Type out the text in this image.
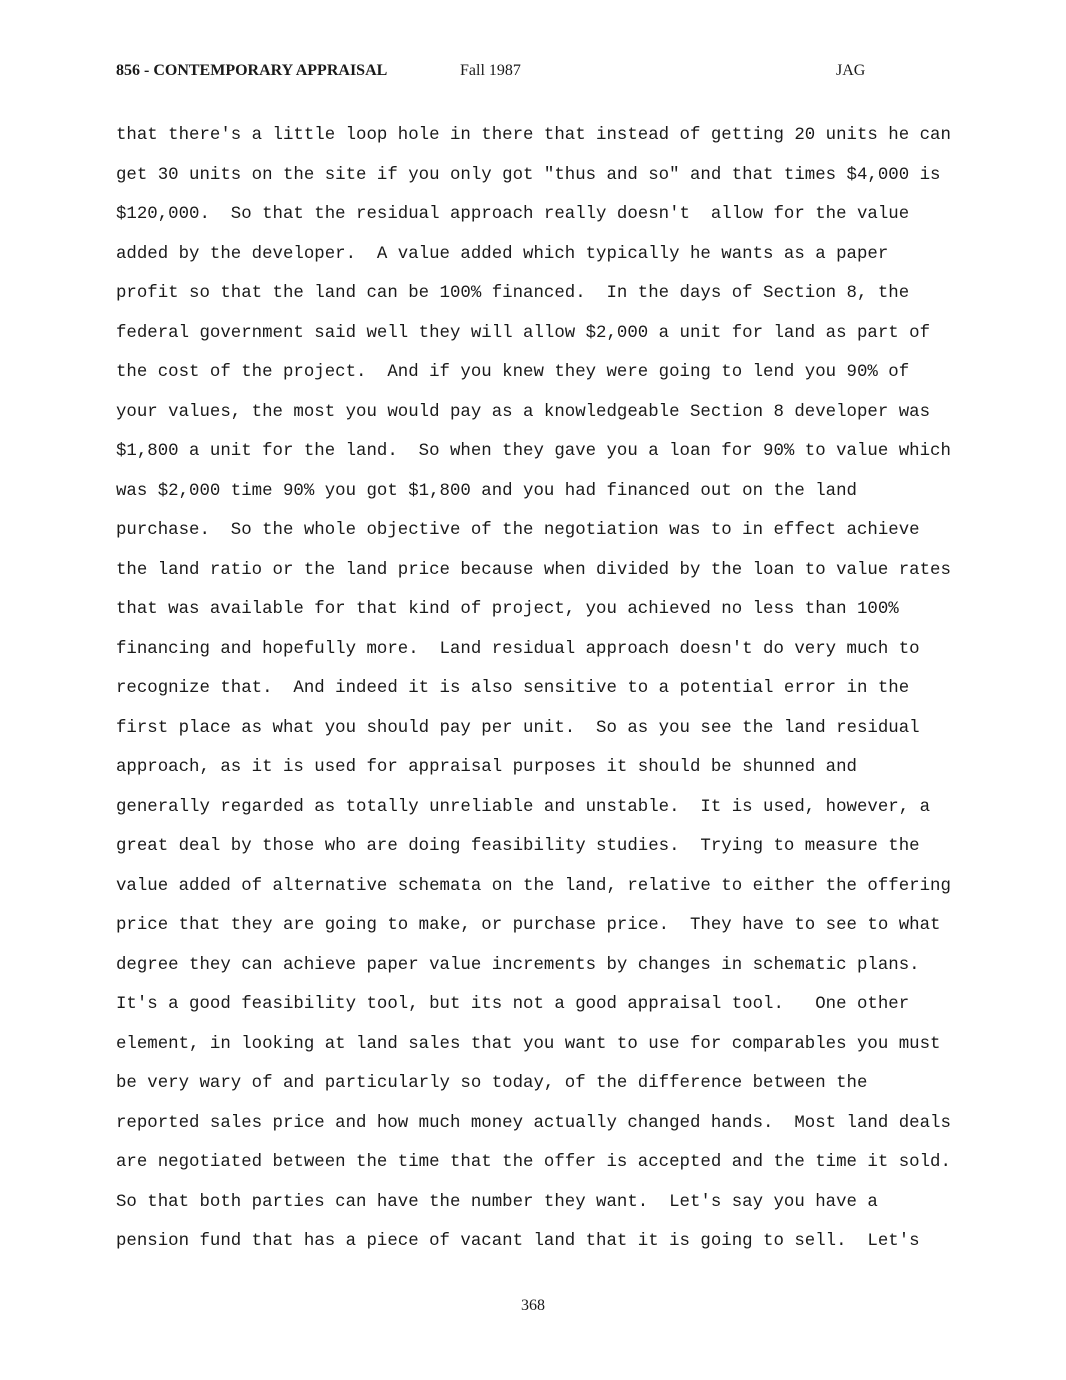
856 - CONTEMPORARY APPRAISAL	Fall 1987	JAG
that there's a little loop hole in there that instead of getting 20 units he can
get 30 units on the site if you only got "thus and so" and that times $4,000 is
$120,000.  So that the residual approach really doesn't  allow for the value
added by the developer.  A value added which typically he wants as a paper
profit so that the land can be 100% financed.  In the days of Section 8, the
federal government said well they will allow $2,000 a unit for land as part of
the cost of the project.  And if you knew they were going to lend you 90% of
your values, the most you would pay as a knowledgeable Section 8 developer was
$1,800 a unit for the land.  So when they gave you a loan for 90% to value which
was $2,000 time 90% you got $1,800 and you had financed out on the land
purchase.  So the whole objective of the negotiation was to in effect achieve
the land ratio or the land price because when divided by the loan to value rates
that was available for that kind of project, you achieved no less than 100%
financing and hopefully more.  Land residual approach doesn't do very much to
recognize that.  And indeed it is also sensitive to a potential error in the
first place as what you should pay per unit.  So as you see the land residual
approach, as it is used for appraisal purposes it should be shunned and
generally regarded as totally unreliable and unstable.  It is used, however, a
great deal by those who are doing feasibility studies.  Trying to measure the
value added of alternative schemata on the land, relative to either the offering
price that they are going to make, or purchase price.  They have to see to what
degree they can achieve paper value increments by changes in schematic plans.
It's a good feasibility tool, but its not a good appraisal tool.   One other
element, in looking at land sales that you want to use for comparables you must
be very wary of and particularly so today, of the difference between the
reported sales price and how much money actually changed hands.  Most land deals
are negotiated between the time that the offer is accepted and the time it sold.
So that both parties can have the number they want.  Let's say you have a
pension fund that has a piece of vacant land that it is going to sell.  Let's
368
